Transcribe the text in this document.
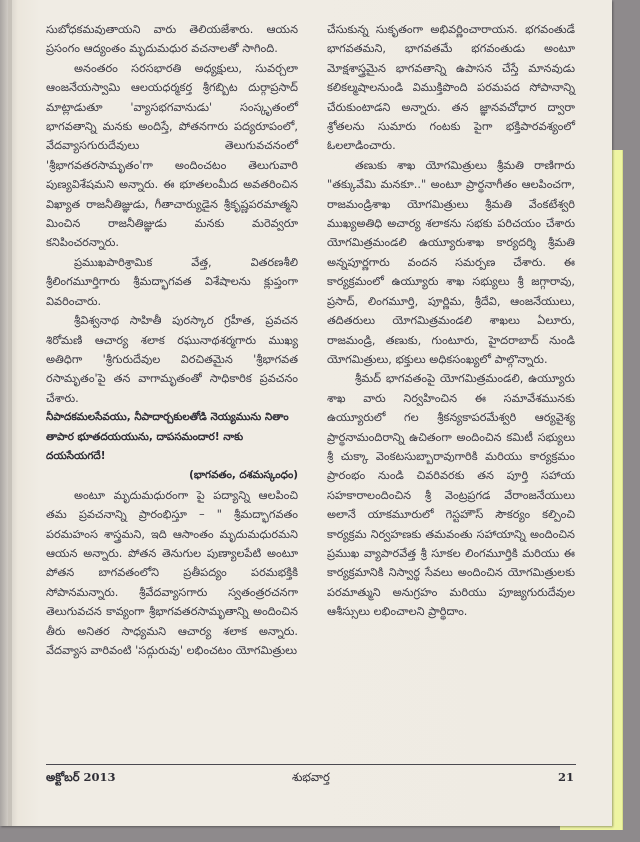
సుబోధకమవుతాయని వారు తెలియజేశారు. ఆయన ప్రసంగం ఆద్యంతం మృదుమధుర వచనాలతో సాగింది.

అనంతరం సరసభారతి అధ్యక్షులు, సువర్చలా ఆంజనేయస్వామి ఆలయధర్మకర్త శ్రీగబ్బిట దుర్గాప్రసాద్ మాట్లాడుతూ 'వ్యాసభగవానుడు' సంస్కృతంలో భాగవతాన్ని మనకు అందిస్తే, పోతనగారు పద్యరూపంలో, వేదవ్యాసగురుదేవులు తెలుగువచనంలో 'శ్రీభాగవతరసామృతం'గా అందించటం తెలుగువారి పుణ్యవిశేషమని అన్నారు. ఈ భూతలంమీద అవతరించిన విఖ్యాత రాజనీతిజ్ఞుడు, గీతాచార్యుడైన శ్రీకృష్ణపరమాత్మని మించిన రాజనీతిజ్ఞుడు మనకు మరెవ్వరూ కనిపించరన్నారు.

ప్రముఖపారిశ్రామిక వేత్త, వితరణశీలి శ్రీలింగమూర్తిగారు శ్రీమద్భాగవత విశేషాలను క్లుప్తంగా వివరించారు.

శ్రీవిశ్వనాథ సాహితీ పురస్కార గ్రహీత, ప్రవచన శిరోమణి ఆచార్య శలాక రఘునాథశర్మగారు ముఖ్య అతిధిగా 'శ్రీగురుదేవుల విరచితమైన 'శ్రీభాగవత రసామృతం'పై తన వాగామృతంతో సాధికారిక ప్రవచనం చేశారు.

నీపాదకమలసేవయు, నీపాదార్చకులతోడి నెయ్యమును నితాం

తాపార భూతదయయును, దాపసమందార! నాకు దయసేయగదే!

(భాగవతం, దశమస్కంధం)

అంటూ మృదుమధురంగా పై పద్యాన్ని ఆలపించి తమ ప్రవచనాన్ని ప్రారంభిస్తూ – " శ్రీమద్భాగవతం పరమహంస శాస్త్రమని, ఇది ఆసాంతం మృదుమధురమని ఆయన అన్నారు. పోతన తెనుగుల పుణ్యాలపేటి అంటూ పోతన బాగవతంలోని ప్రతీపద్యం పరమభక్తికి సోపానమన్నారు. శ్రీవేదవ్యాసగారు స్వతంత్రరచనగా తెలుగువచన కావ్యంగా శ్రీభాగవతరసామృతాన్ని అందించిన తీరు అనితర సాధ్యమని ఆచార్య శలాక అన్నారు. వేదవ్యాస వారివంటి 'సద్గురువు' లభించటం యోగమిత్రులు

చేసుకున్న సుకృతంగా అభివర్ణించారాయన. భగవంతుడే భాగవతమని, భాగవతమే భగవంతుడు అంటూ మోక్షశాస్త్రమైన భాగవతాన్ని ఉపాసన చేస్తే మానవుడు కలికల్మషాలనుండి విముక్తిపొంది పరమపద సోపానాన్ని చేరుకుంటాడని అన్నారు. తన జ్ఞానవచోధార ద్వారా శ్రోతలను సుమారు గంటకు పైగా భక్తిపారవశ్యంలో ఓలలాడించారు.

తణుకు శాఖ యోగమిత్రులు శ్రీమతి రాణిగారు "తక్కువేమి మనకూ.." అంటూ ప్రార్థనాగీతం ఆలపించగా, రాజమండ్రిశాఖ యోగమిత్రులు శ్రీమతి వేంకటేశ్వరి ముఖ్యఅతిధి అచార్య శలాకను సభకు పరిచయం చేశారు యోగమిత్రమండలి ఉయ్యూరుశాఖ కార్యదర్శి శ్రీమతి అన్నపూర్ణగారు వందన సమర్పణ చేశారు. ఈ కార్యక్రమంలో ఉయ్యూరు శాఖ సభ్యులు శ్రీ జగ్గారావు, ప్రసాద్, లింగమూర్తి, పూర్ణిమ, శ్రీదేవి, ఆంజనేయులు, తదితరులు యోగమిత్రమండలి శాఖలు ఏలూరు, రాజమండ్రి, తణుకు, గుంటూరు, హైదరాబాద్ నుండి యోగమిత్రులు, భక్తులు అధికసంఖ్యలో పాల్గొన్నారు.

శ్రీమద్ భాగవతంపై యోగమిత్రమండలి, ఉయ్యూరు శాఖ వారు నిర్వహించిన ఈ సమావేశమునకు ఉయ్యూరులో గల శ్రీకన్యకాపరమేశ్వరి ఆర్యవైశ్య ప్రార్థనామందిరాన్ని ఉచితంగా అందించిన కమిటీ సభ్యులు శ్రీ చుక్కా వెంకటసుబ్బారావుగారికి మరియు కార్యక్రమం ప్రారంభం నుండి చివరివరకు తన పూర్తి సహాయ సహకారాలందించిన శ్రీ వెంట్రప్రగడ వేరాంజనేయులు అలానే యాకమూరులో గెస్టహౌస్ సౌకర్యం కల్పించి కార్యక్రమ నిర్వహణకు తమవంతు సహాయాన్ని అందించిన ప్రముఖ వ్యాపారవేత్త శ్రీ సూకల లింగమూర్తికి మరియు ఈ కార్యక్రమానికి నిస్వార్థ సేవలు అందించిన యోగమిత్రులకు పరమాత్ముని అనుగ్రహం మరియు పూజ్యగురుదేవుల ఆశీస్సులు లభించాలని ప్రార్థిదాం.

అక్టోబర్ 2013	శుభవార్త	21
